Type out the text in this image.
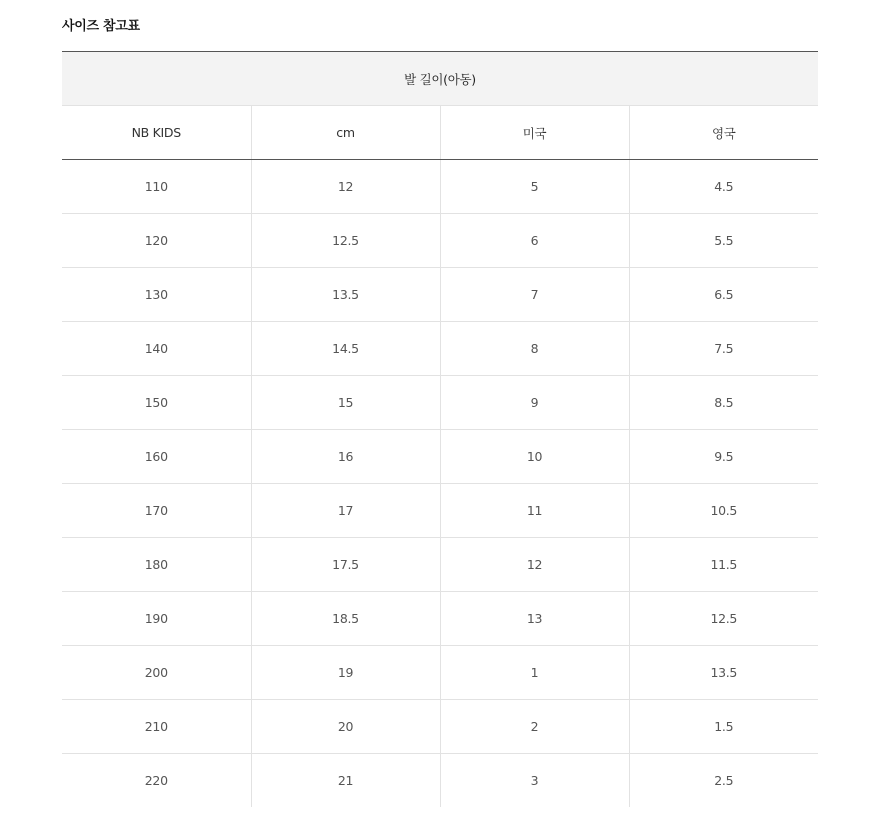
사이즈 참고표
발 길이(아동)			
NB KIDS	cm	미국	영국
110	12	5	4.5
120	12.5	6	5.5
130	13.5	7	6.5
140	14.5	8	7.5
150	15	9	8.5
160	16	10	9.5
170	17	11	10.5
180	17.5	12	11.5
190	18.5	13	12.5
200	19	1	13.5
210	20	2	1.5
220	21	3	2.5
